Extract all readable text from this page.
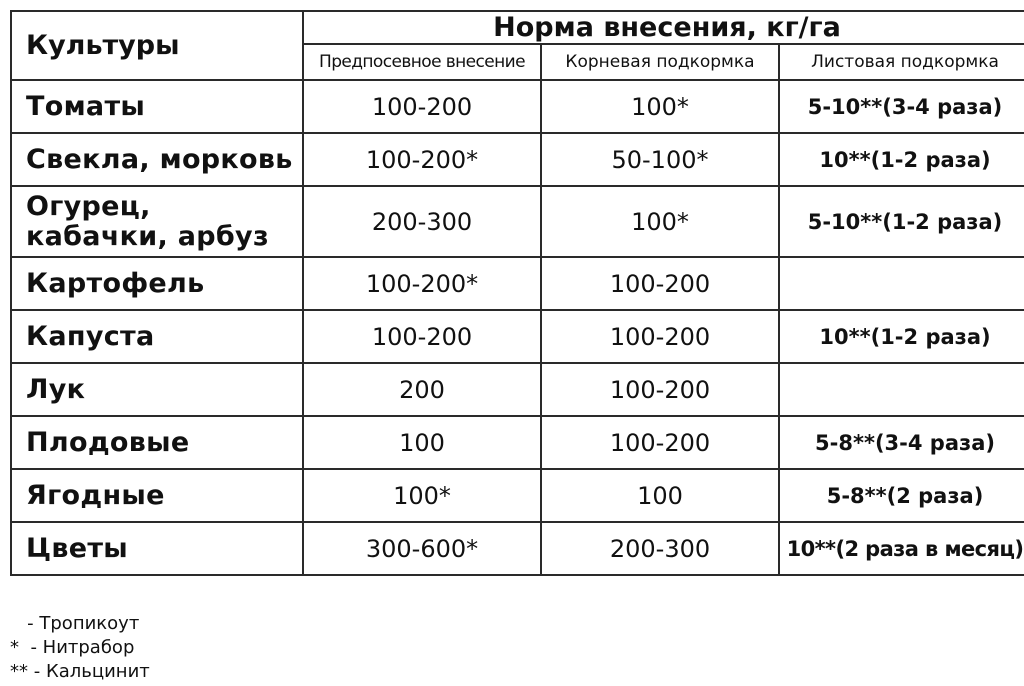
Культуры	Норма внесения, кг/га		
	Предпосевное внесение	Корневая подкормка	Листовая подкормка
Томаты	100-200	100*	5-10**(3-4 раза)
Свекла, морковь	100-200*	50-100*	10**(1-2 раза)
Огурец, кабачки, арбуз	200-300	100*	5-10**(1-2 раза)
Картофель	100-200*	100-200	
Капуста	100-200	100-200	10**(1-2 раза)
Лук	200	100-200	
Плодовые	100	100-200	5-8**(3-4 раза)
Ягодные	100*	100	5-8**(2 раза)
Цветы	300-600*	200-300	10**(2 раза в месяц)
- Тропикоут
*  - Нитрабор
** - Кальцинит
